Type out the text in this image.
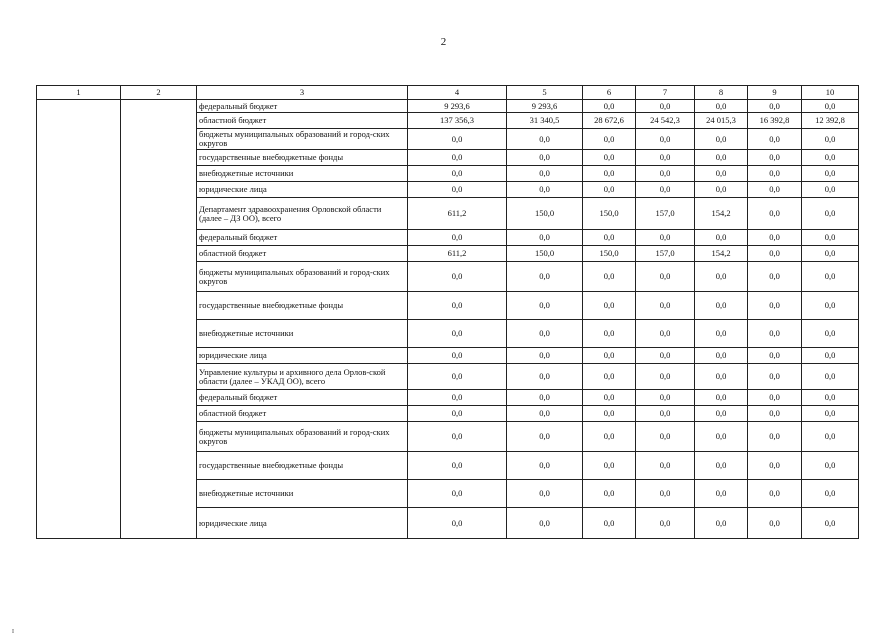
2
1	2	3	4	5	6	7	8	9	10
		федеральный бюджет	9 293,6	9 293,6	0,0	0,0	0,0	0,0	0,0
		областной бюджет	137 356,3	31 340,5	28 672,6	24 542,3	24 015,3	16 392,8	12 392,8
		бюджеты муниципальных образований и город-ских округов	0,0	0,0	0,0	0,0	0,0	0,0	0,0
		государственные внебюджетные фонды	0,0	0,0	0,0	0,0	0,0	0,0	0,0
		внебюджетные источники	0,0	0,0	0,0	0,0	0,0	0,0	0,0
		юридические лица	0,0	0,0	0,0	0,0	0,0	0,0	0,0
		Департамент здравоохранения Орловской области (далее – ДЗ ОО), всего	611,2	150,0	150,0	157,0	154,2	0,0	0,0
		федеральный бюджет	0,0	0,0	0,0	0,0	0,0	0,0	0,0
		областной бюджет	611,2	150,0	150,0	157,0	154,2	0,0	0,0
		бюджеты муниципальных образований и город-ских округов	0,0	0,0	0,0	0,0	0,0	0,0	0,0
		государственные внебюджетные фонды	0,0	0,0	0,0	0,0	0,0	0,0	0,0
		внебюджетные источники	0,0	0,0	0,0	0,0	0,0	0,0	0,0
		юридические лица	0,0	0,0	0,0	0,0	0,0	0,0	0,0
		Управление культуры и архивного дела Орлов-ской области (далее – УКАД ОО), всего	0,0	0,0	0,0	0,0	0,0	0,0	0,0
		федеральный бюджет	0,0	0,0	0,0	0,0	0,0	0,0	0,0
		областной бюджет	0,0	0,0	0,0	0,0	0,0	0,0	0,0
		бюджеты муниципальных образований и город-ских округов	0,0	0,0	0,0	0,0	0,0	0,0	0,0
		государственные внебюджетные фонды	0,0	0,0	0,0	0,0	0,0	0,0	0,0
		внебюджетные источники	0,0	0,0	0,0	0,0	0,0	0,0	0,0
		юридические лица	0,0	0,0	0,0	0,0	0,0	0,0	0,0
I
